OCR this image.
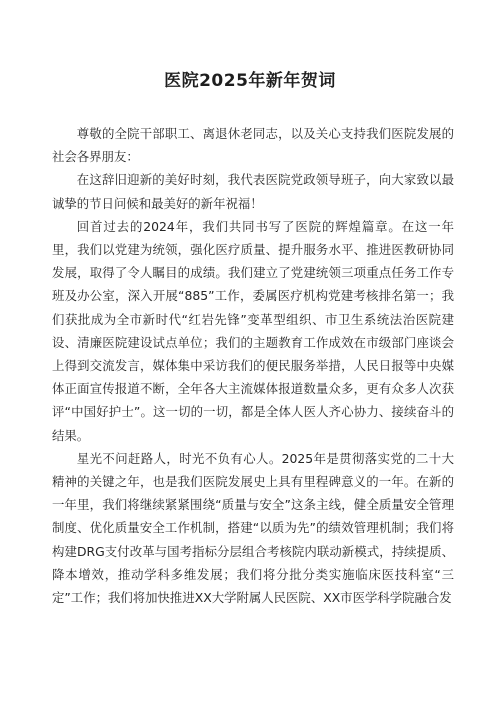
医院2025年新年贺词

尊敬的全院干部职工、离退休老同志，以及关心支持我们医院发展的社会各界朋友：

在这辞旧迎新的美好时刻，我代表医院党政领导班子，向大家致以最诚挚的节日问候和最美好的新年祝福！

回首过去的2024年，我们共同书写了医院的辉煌篇章。在这一年里，我们以党建为统领，强化医疗质量、提升服务水平、推进医教研协同发展，取得了令人瞩目的成绩。我们建立了党建统领三项重点任务工作专班及办公室，深入开展“885”工作，委属医疗机构党建考核排名第一；我们获批成为全市新时代“红岩先锋”变革型组织、市卫生系统法治医院建设、清廉医院建设试点单位；我们的主题教育工作成效在市级部门座谈会上得到交流发言，媒体集中采访我们的便民服务举措，人民日报等中央媒体正面宣传报道不断，全年各大主流媒体报道数量众多，更有众多人次获评“中国好护士”。这一切的一切，都是全体人医人齐心协力、接续奋斗的结果。

星光不问赶路人，时光不负有心人。2025年是贯彻落实党的二十大精神的关键之年，也是我们医院发展史上具有里程碑意义的一年。在新的一年里，我们将继续紧紧围绕“质量与安全”这条主线，健全质量安全管理制度、优化质量安全工作机制，搭建“以质为先”的绩效管理机制；我们将构建DRG支付改革与国考指标分层组合考核院内联动新模式，持续提质、降本增效，推动学科多维发展；我们将分批分类实施临床医技科室“三定”工作；我们将加快推进XX大学附属人民医院、XX市医学科学院融合发
